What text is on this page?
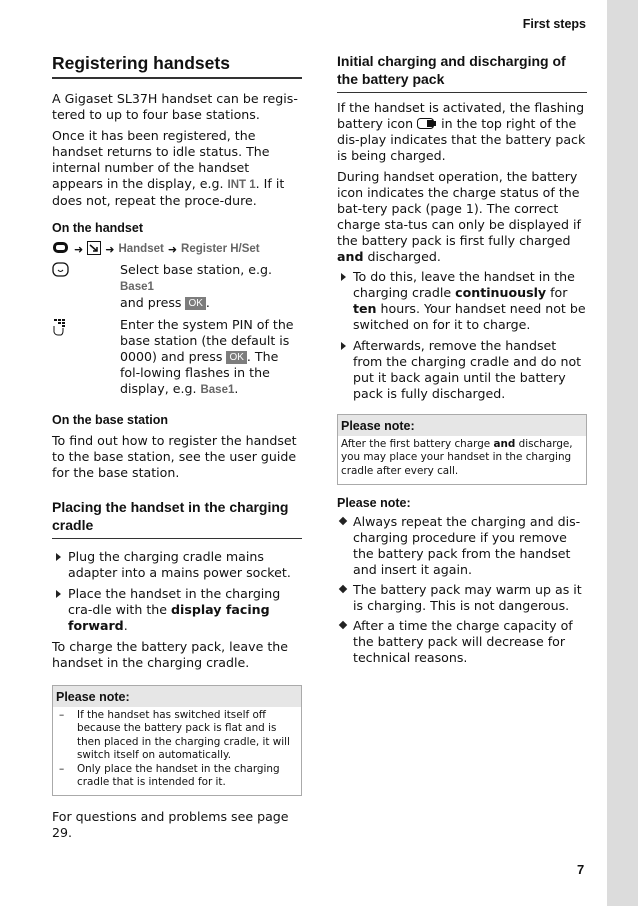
First steps
Registering handsets

A Gigaset SL37H handset can be regis-tered to up to four base stations.

Once it has been registered, the handset returns to idle status. The internal number of the handset appears in the display, e.g. INT 1. If it does not, repeat the proce-dure.

On the handset
➜ ➜ Handset ➜ Register H/Set

Select base station, e.g. Base1
and press OK .

Enter the system PIN of the base station (the default is 0000) and press OK . The fol-lowing flashes in the display, e.g. Base1.

On the base station

To find out how to register the handset to the base station, see the user guide for the base station.

Placing the handset in the charging cradle
Plug the charging cradle mains adapter into a mains power socket.
Place the handset in the charging cra-dle with the display facing forward.

To charge the battery pack, leave the handset in the charging cradle.

Please note:
– If the handset has switched itself off because the battery pack is flat and is then placed in the charging cradle, it will switch itself on automatically.
– Only place the handset in the charging cradle that is intended for it.

For questions and problems see page 29.

Initial charging and discharging of the battery pack

If the handset is activated, the flashing battery icon  in the top right of the dis-play indicates that the battery pack is being charged.

During handset operation, the battery icon indicates the charge status of the bat-tery pack (page 1). The correct charge sta-tus can only be displayed if the battery pack is first fully charged and discharged.

To do this, leave the handset in the charging cradle continuously for ten hours. Your handset need not be switched on for it to charge.
Afterwards, remove the handset from the charging cradle and do not put it back again until the battery pack is fully discharged.
Please note:
After the first battery charge and discharge, you may place your handset in the charging cradle after every call.
Please note:
Always repeat the charging and dis-charging procedure if you remove the battery pack from the handset and insert it again.
The battery pack may warm up as it is charging. This is not dangerous.
After a time the charge capacity of the battery pack will decrease for technical reasons.
7
